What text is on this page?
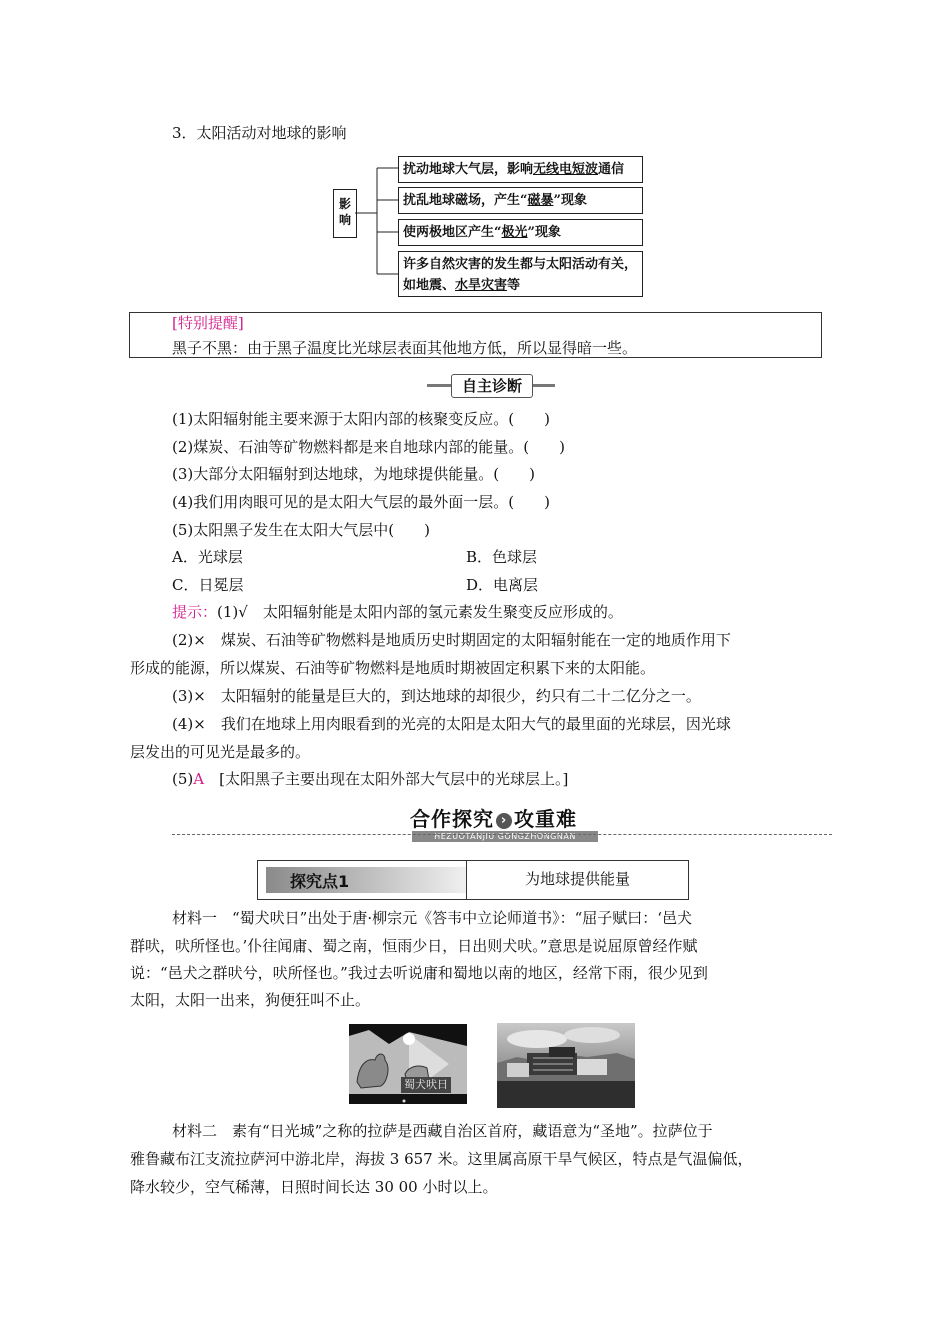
3．太阳活动对地球的影响
影响
扰动地球大气层，影响无线电短波通信
扰乱地球磁场，产生“磁暴”现象
使两极地区产生“极光”现象
许多自然灾害的发生都与太阳活动有关，
如地震、水旱灾害等
[特别提醒]
黑子不黑：由于黑子温度比光球层表面其他地方低，所以显得暗一些。
自主诊断
(1)太阳辐射能主要来源于太阳内部的核聚变反应。(　　)
(2)煤炭、石油等矿物燃料都是来自地球内部的能量。(　　)
(3)大部分太阳辐射到达地球，为地球提供能量。(　　)
(4)我们用肉眼可见的是太阳大气层的最外面一层。(　　)
(5)太阳黑子发生在太阳大气层中(　　)
A．光球层	B．色球层
C．日冕层	D．电离层
提示：(1)√　太阳辐射能是太阳内部的氢元素发生聚变反应形成的。
(2)×　煤炭、石油等矿物燃料是地质历史时期固定的太阳辐射能在一定的地质作用下
形成的能源，所以煤炭、石油等矿物燃料是地质时期被固定积累下来的太阳能。
(3)×　太阳辐射的能量是巨大的，到达地球的却很少，约只有二十二亿分之一。
(4)×　我们在地球上用肉眼看到的光亮的太阳是太阳大气的最里面的光球层，因光球
层发出的可见光是最多的。
(5)A　[太阳黑子主要出现在太阳外部大气层中的光球层上。]
合作探究 › 攻重难
HEZUOTANJIU GONGZHONGNAN
探究点1	为地球提供能量
材料一　“蜀犬吠日”出处于唐·柳宗元《答韦中立论师道书》：“屈子赋曰：‘邑犬
群吠，吠所怪也。’仆往闻庸、蜀之南，恒雨少日，日出则犬吠。”意思是说屈原曾经作赋
说：“邑犬之群吠兮，吠所怪也。”我过去听说庸和蜀地以南的地区，经常下雨，很少见到
太阳，太阳一出来，狗便狂叫不止。
蜀犬吠日
材料二　素有“日光城”之称的拉萨是西藏自治区首府，藏语意为“圣地”。拉萨位于
雅鲁藏布江支流拉萨河中游北岸，海拔 3 657 米。这里属高原干旱气候区，特点是气温偏低，
降水较少，空气稀薄，日照时间长达 30 00 小时以上。
